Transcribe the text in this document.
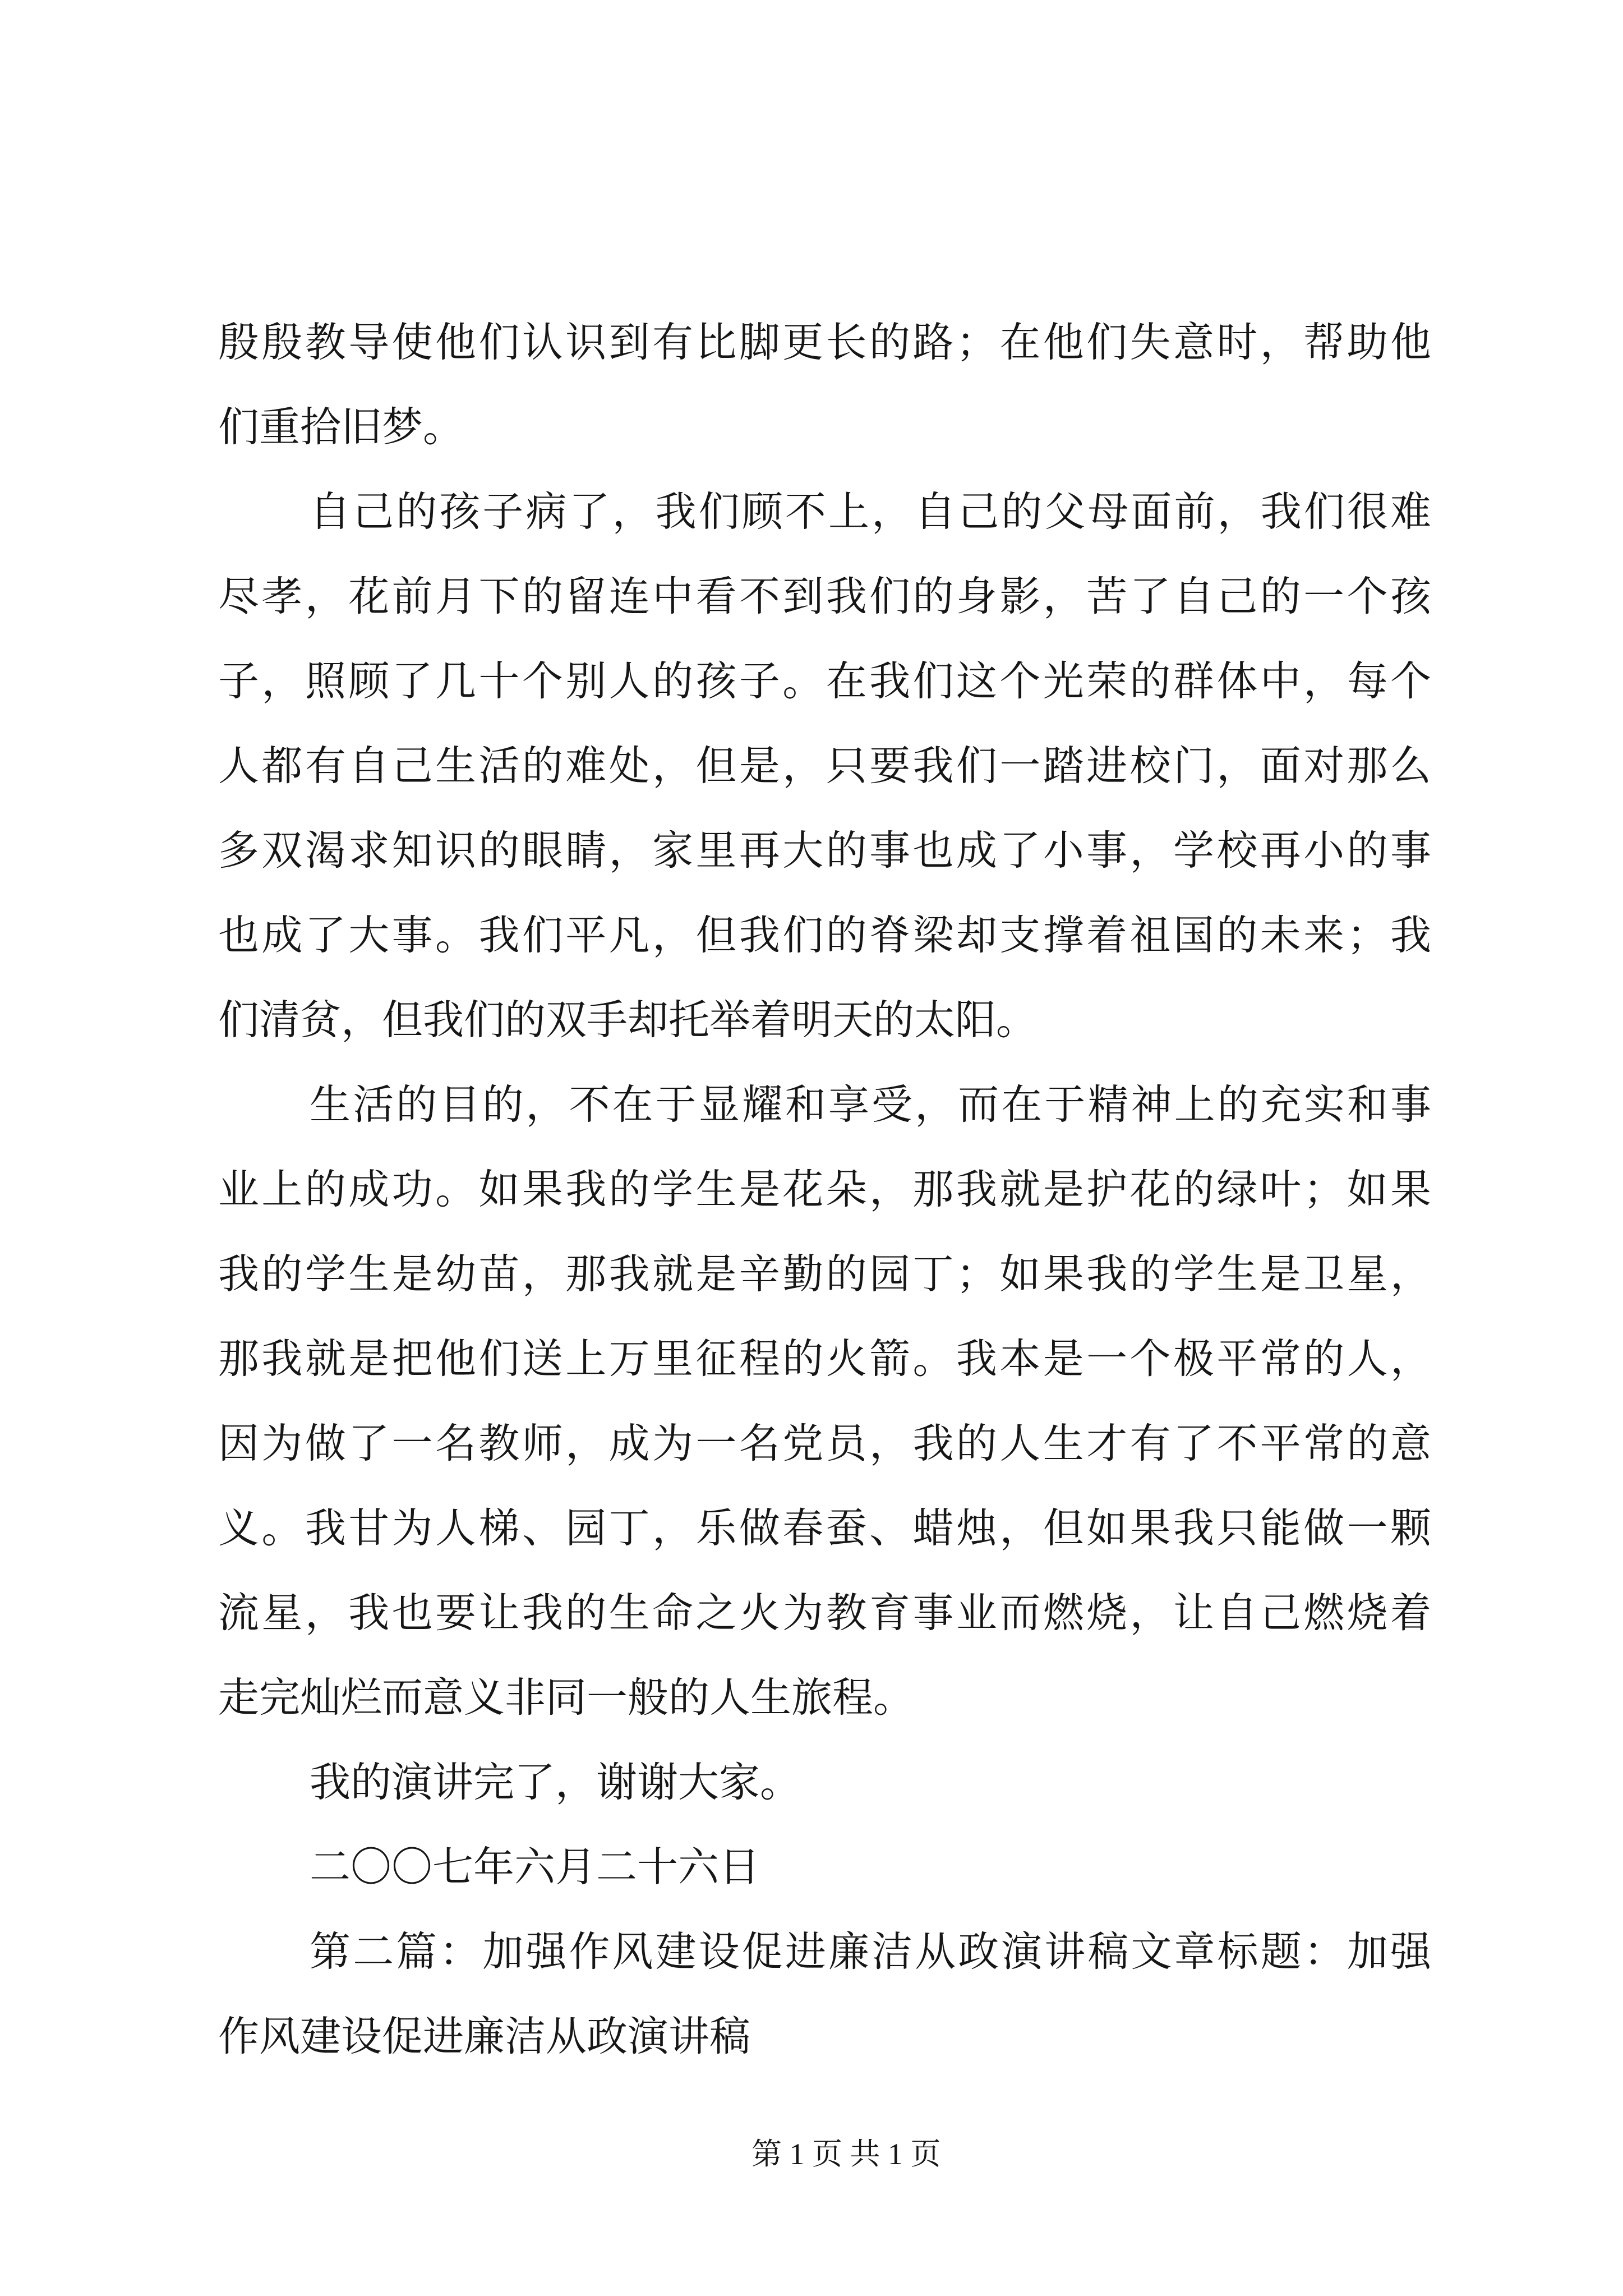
殷殷教导使他们认识到有比脚更长的路；在他们失意时，帮助他
们重拾旧梦。
自己的孩子病了，我们顾不上，自己的父母面前，我们很难
尽孝，花前月下的留连中看不到我们的身影，苦了自己的一个孩
子，照顾了几十个别人的孩子。在我们这个光荣的群体中，每个
人都有自己生活的难处，但是，只要我们一踏进校门，面对那么
多双渴求知识的眼睛，家里再大的事也成了小事，学校再小的事
也成了大事。我们平凡，但我们的脊梁却支撑着祖国的未来；我
们清贫，但我们的双手却托举着明天的太阳。
生活的目的，不在于显耀和享受，而在于精神上的充实和事
业上的成功。如果我的学生是花朵，那我就是护花的绿叶；如果
我的学生是幼苗，那我就是辛勤的园丁；如果我的学生是卫星，
那我就是把他们送上万里征程的火箭。我本是一个极平常的人，
因为做了一名教师，成为一名党员，我的人生才有了不平常的意
义。我甘为人梯、园丁，乐做春蚕、蜡烛，但如果我只能做一颗
流星，我也要让我的生命之火为教育事业而燃烧，让自己燃烧着
走完灿烂而意义非同一般的人生旅程。
我的演讲完了，谢谢大家。
二〇〇七年六月二十六日
第二篇：加强作风建设促进廉洁从政演讲稿文章标题：加强
作风建设促进廉洁从政演讲稿
第 1 页 共 1 页
